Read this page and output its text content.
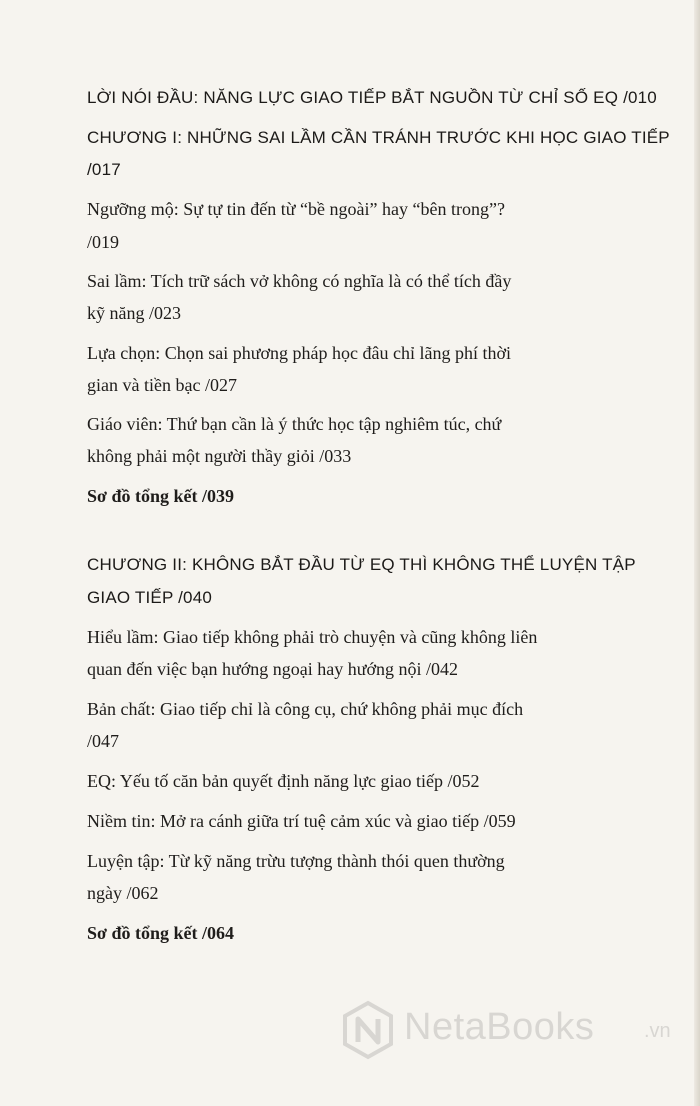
LỜI NÓI ĐẦU: NĂNG LỰC GIAO TIẾP BẮT NGUỒN TỪ CHỈ SỐ EQ /010

CHƯƠNG I: NHỮNG SAI LẦM CẦN TRÁNH TRƯỚC KHI HỌC GIAO TIẾP

/017

Ngưỡng mộ: Sự tự tin đến từ “bề ngoài” hay “bên trong”?

/019

Sai lầm: Tích trữ sách vở không có nghĩa là có thể tích đầy

kỹ năng /023

Lựa chọn: Chọn sai phương pháp học đâu chỉ lãng phí thời

gian và tiền bạc /027

Giáo viên: Thứ bạn cần là ý thức học tập nghiêm túc, chứ

không phải một người thầy giỏi /033

Sơ đồ tổng kết /039

CHƯƠNG II: KHÔNG BẮT ĐẦU TỪ EQ THÌ KHÔNG THỂ LUYỆN TẬP

GIAO TIẾP /040

Hiểu lầm: Giao tiếp không phải trò chuyện và cũng không liên

quan đến việc bạn hướng ngoại hay hướng nội /042

Bản chất: Giao tiếp chỉ là công cụ, chứ không phải mục đích

/047

EQ: Yếu tố căn bản quyết định năng lực giao tiếp /052

Niềm tin: Mở ra cánh giữa trí tuệ cảm xúc và giao tiếp /059

Luyện tập: Từ kỹ năng trừu tượng thành thói quen thường

ngày /062

Sơ đồ tổng kết /064

NetaBooks .vn
